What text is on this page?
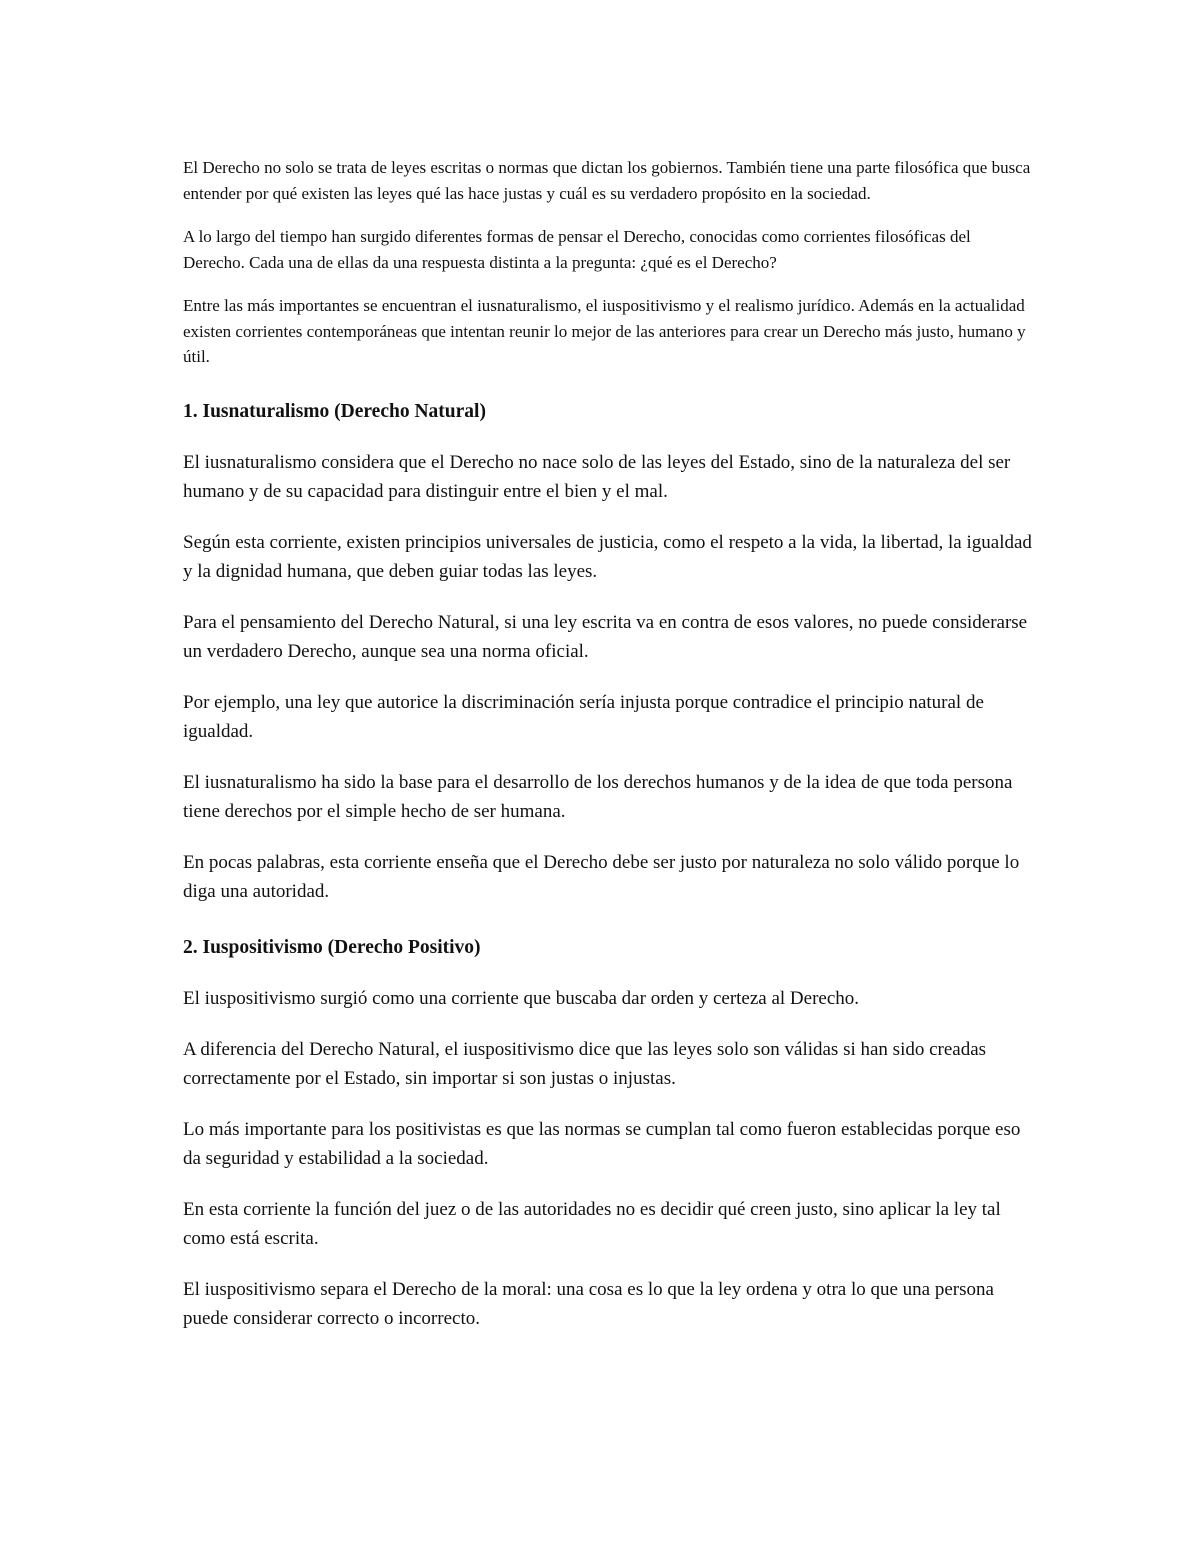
El Derecho no solo se trata de leyes escritas o normas que dictan los gobiernos. También tiene una parte filosófica que busca entender por qué existen las leyes qué las hace justas y cuál es su verdadero propósito en la sociedad.

A lo largo del tiempo han surgido diferentes formas de pensar el Derecho, conocidas como corrientes filosóficas del Derecho. Cada una de ellas da una respuesta distinta a la pregunta: ¿qué es el Derecho?

Entre las más importantes se encuentran el iusnaturalismo, el iuspositivismo y el realismo jurídico. Además en la actualidad existen corrientes contemporáneas que intentan reunir lo mejor de las anteriores para crear un Derecho más justo, humano y útil.

1. Iusnaturalismo (Derecho Natural)

El iusnaturalismo considera que el Derecho no nace solo de las leyes del Estado, sino de la naturaleza del ser humano y de su capacidad para distinguir entre el bien y el mal.

Según esta corriente, existen principios universales de justicia, como el respeto a la vida, la libertad, la igualdad y la dignidad humana, que deben guiar todas las leyes.

Para el pensamiento del Derecho Natural, si una ley escrita va en contra de esos valores, no puede considerarse un verdadero Derecho, aunque sea una norma oficial.

Por ejemplo, una ley que autorice la discriminación sería injusta porque contradice el principio natural de igualdad.

El iusnaturalismo ha sido la base para el desarrollo de los derechos humanos y de la idea de que toda persona tiene derechos por el simple hecho de ser humana.

En pocas palabras, esta corriente enseña que el Derecho debe ser justo por naturaleza no solo válido porque lo diga una autoridad.

2. Iuspositivismo (Derecho Positivo)

El iuspositivismo surgió como una corriente que buscaba dar orden y certeza al Derecho.

A diferencia del Derecho Natural, el iuspositivismo dice que las leyes solo son válidas si han sido creadas correctamente por el Estado, sin importar si son justas o injustas.

Lo más importante para los positivistas es que las normas se cumplan tal como fueron establecidas porque eso da seguridad y estabilidad a la sociedad.

En esta corriente la función del juez o de las autoridades no es decidir qué creen justo, sino aplicar la ley tal como está escrita.

El iuspositivismo separa el Derecho de la moral: una cosa es lo que la ley ordena y otra lo que una persona puede considerar correcto o incorrecto.
